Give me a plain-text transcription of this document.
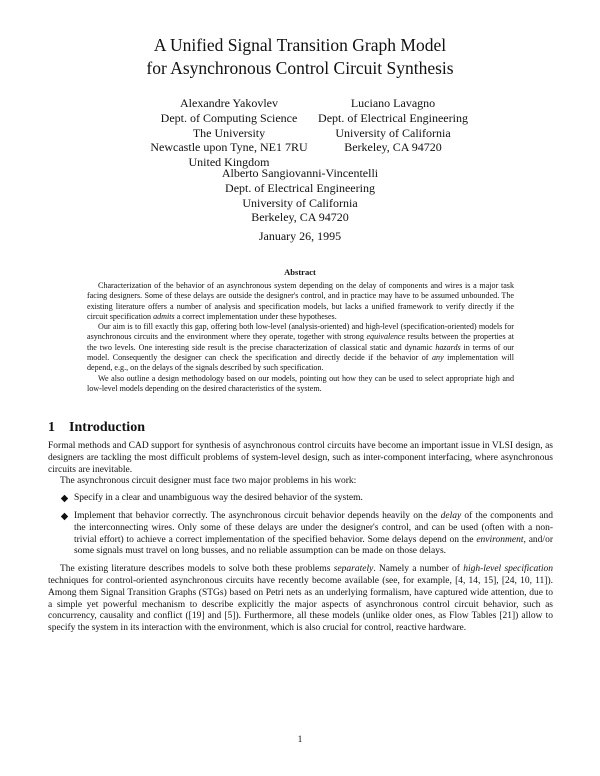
A Unified Signal Transition Graph Model
for Asynchronous Control Circuit Synthesis
Alexandre Yakovlev
Dept. of Computing Science
The University
Newcastle upon Tyne, NE1 7RU
United Kingdom
Luciano Lavagno
Dept. of Electrical Engineering
University of California
Berkeley, CA 94720
Alberto Sangiovanni-Vincentelli
Dept. of Electrical Engineering
University of California
Berkeley, CA 94720
January 26, 1995
Abstract

Characterization of the behavior of an asynchronous system depending on the delay of components and wires is a major task facing designers. Some of these delays are outside the designer's control, and in practice may have to be assumed unbounded. The existing literature offers a number of analysis and specification models, but lacks a unified framework to verify directly if the circuit specification admits a correct implementation under these hypotheses.

Our aim is to fill exactly this gap, offering both low-level (analysis-oriented) and high-level (specification-oriented) models for asynchronous circuits and the environment where they operate, together with strong equivalence results between the properties at the two levels. One interesting side result is the precise characterization of classical static and dynamic hazards in terms of our model. Consequently the designer can check the specification and directly decide if the behavior of any implementation will depend, e.g., on the delays of the signals described by such specification.

We also outline a design methodology based on our models, pointing out how they can be used to select appropriate high and low-level models depending on the desired characteristics of the system.

1 Introduction

Formal methods and CAD support for synthesis of asynchronous control circuits have become an important issue in VLSI design, as designers are tackling the most difficult problems of system-level design, such as inter-component interfacing, where asynchronous circuits are inevitable.

The asynchronous circuit designer must face two major problems in his work:

Specify in a clear and unambiguous way the desired behavior of the system.
Implement that behavior correctly. The asynchronous circuit behavior depends heavily on the delay of the components and the interconnecting wires. Only some of these delays are under the designer's control, and can be used (often with a non-trivial effort) to achieve a correct implementation of the specified behavior. Some delays depend on the environment, and/or some signals must travel on long busses, and no reliable assumption can be made on those delays.

The existing literature describes models to solve both these problems separately. Namely a number of high-level specification techniques for control-oriented asynchronous circuits have recently become available (see, for example, [4, 14, 15], [24, 10, 11]). Among them Signal Transition Graphs (STGs) based on Petri nets as an underlying formalism, have captured wide attention, due to a simple yet powerful mechanism to describe explicitly the major aspects of asynchronous control circuit behavior, such as concurrency, causality and conflict ([19] and [5]). Furthermore, all these models (unlike older ones, as Flow Tables [21]) allow to specify the system in its interaction with the environment, which is also crucial for control, reactive hardware.

1
